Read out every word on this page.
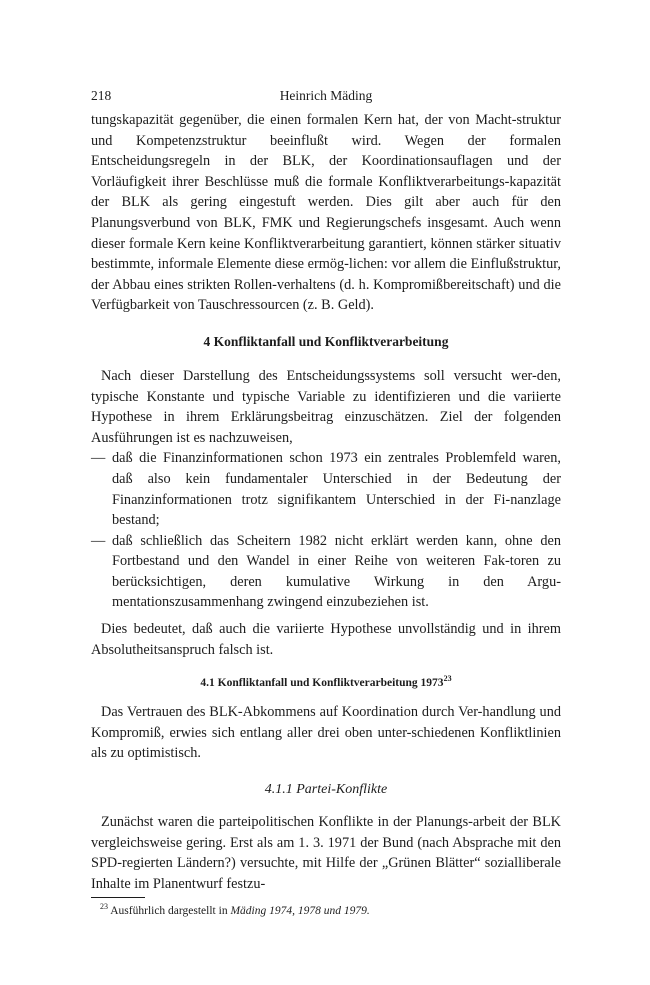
218	Heinrich Mäding

tungskapazität gegenüber, die einen formalen Kern hat, der von Macht-struktur und Kompetenzstruktur beeinflußt wird. Wegen der formalen Entscheidungsregeln in der BLK, der Koordinationsauflagen und der Vorläufigkeit ihrer Beschlüsse muß die formale Konfliktverarbeitungs-kapazität der BLK als gering eingestuft werden. Dies gilt aber auch für den Planungsverbund von BLK, FMK und Regierungschefs insgesamt. Auch wenn dieser formale Kern keine Konfliktverarbeitung garantiert, können stärker situativ bestimmte, informale Elemente diese ermög-lichen: vor allem die Einflußstruktur, der Abbau eines strikten Rollen-verhaltens (d. h. Kompromißbereitschaft) und die Verfügbarkeit von Tauschressourcen (z. B. Geld).

4 Konfliktanfall und Konfliktverarbeitung

Nach dieser Darstellung des Entscheidungssystems soll versucht wer-den, typische Konstante und typische Variable zu identifizieren und die variierte Hypothese in ihrem Erklärungsbeitrag einzuschätzen. Ziel der folgenden Ausführungen ist es nachzuweisen,

— daß die Finanzinformationen schon 1973 ein zentrales Problemfeld waren, daß also kein fundamentaler Unterschied in der Bedeutung der Finanzinformationen trotz signifikantem Unterschied in der Fi-nanzlage bestand;

— daß schließlich das Scheitern 1982 nicht erklärt werden kann, ohne den Fortbestand und den Wandel in einer Reihe von weiteren Fak-toren zu berücksichtigen, deren kumulative Wirkung in den Argu-mentationszusammenhang zwingend einzubeziehen ist.

Dies bedeutet, daß auch die variierte Hypothese unvollständig und in ihrem Absolutheitsanspruch falsch ist.

4.1 Konfliktanfall und Konfliktverarbeitung 1973$^{23}$

Das Vertrauen des BLK-Abkommens auf Koordination durch Ver-handlung und Kompromiß, erwies sich entlang aller drei oben unter-schiedenen Konfliktlinien als zu optimistisch.

4.1.1 Partei-Konflikte

Zunächst waren die parteipolitischen Konflikte in der Planungs-arbeit der BLK vergleichsweise gering. Erst als am 1. 3. 1971 der Bund (nach Absprache mit den SPD-regierten Ländern?) versuchte, mit Hilfe der „Grünen Blätter“ sozialliberale Inhalte im Planentwurf festzu-

$^{23}$ Ausführlich dargestellt in Mäding 1974, 1978 und 1979.
